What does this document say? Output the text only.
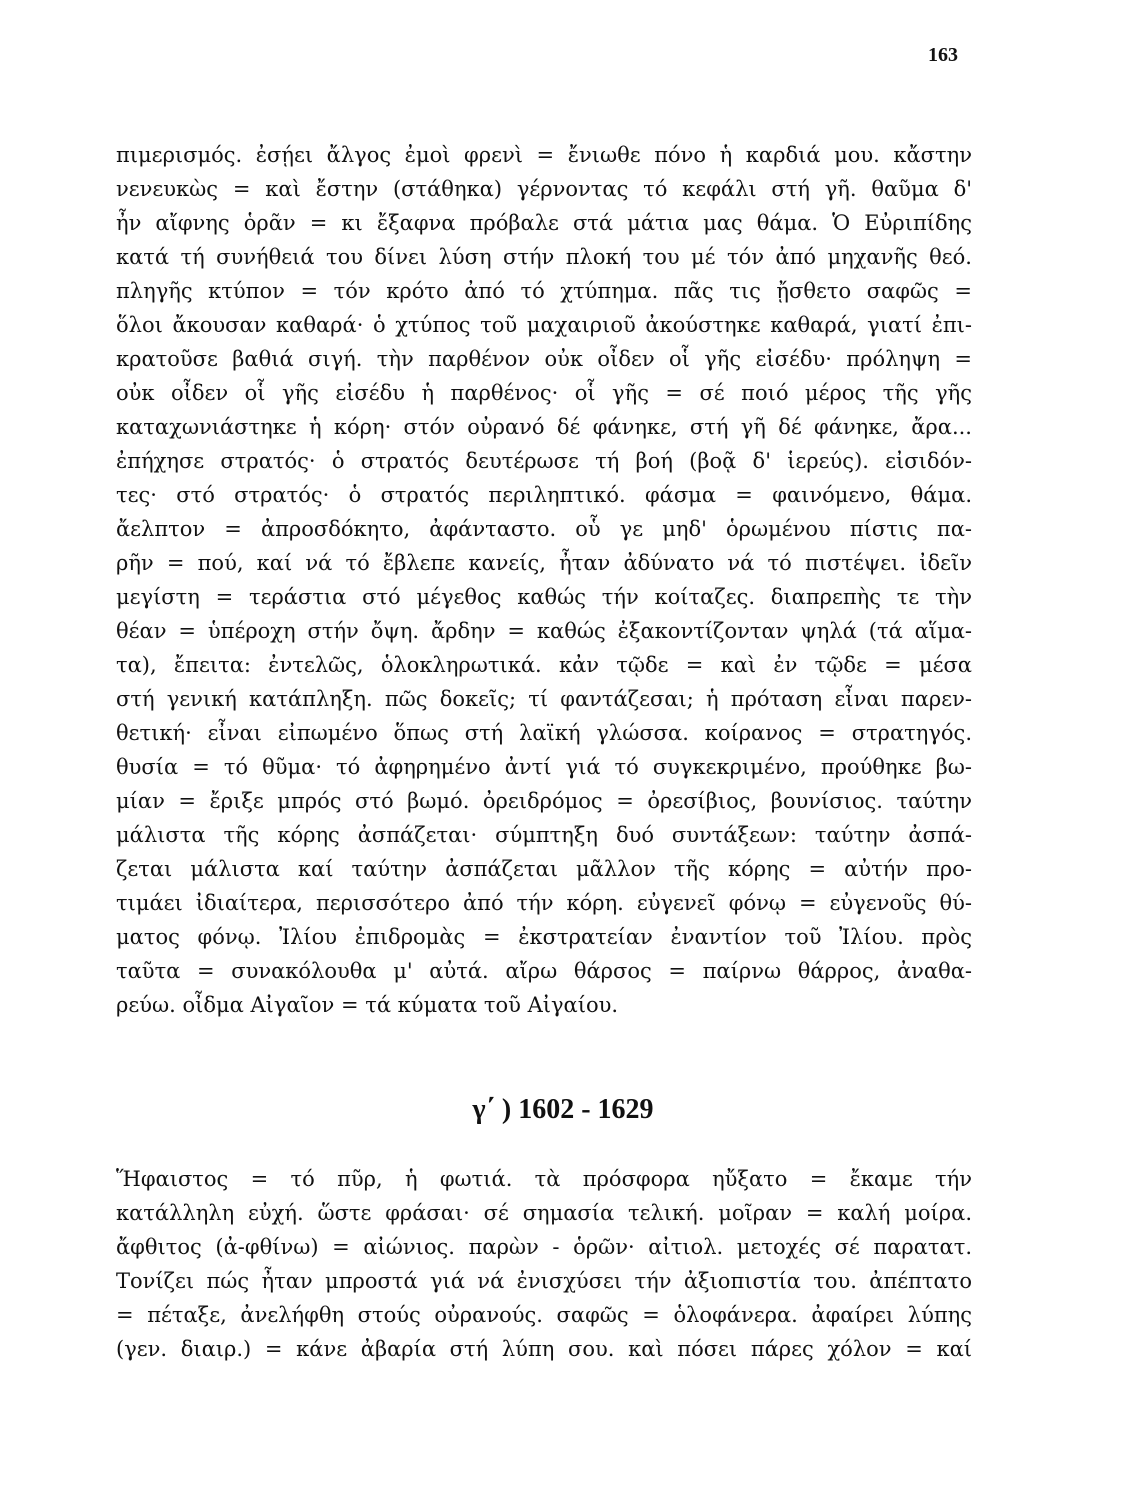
163
πιμερισμός. ἐσῄει ἄλγος ἐμοὶ φρενὶ = ἔνιωθε πόνο ἡ καρδιά μου. κἄστην
νενευκὼς = καὶ ἔστην (στάθηκα) γέρνοντας τό κεφάλι στή γῆ. θαῦμα δ'
ἦν αἴφνης ὁρᾶν = κι ἔξαφνα πρόβαλε στά μάτια μας θάμα. Ὁ Εὐριπίδης
κατά τή συνήθειά του δίνει λύση στήν πλοκή του μέ τόν ἀπό μηχανῆς θεό.
πληγῆς κτύπον = τόν κρότο ἀπό τό χτύπημα. πᾶς τις ᾔσθετο σαφῶς =
ὅλοι ἄκουσαν καθαρά· ὁ χτύπος τοῦ μαχαιριοῦ ἀκούστηκε καθαρά, γιατί ἐπι-
κρατοῦσε βαθιά σιγή. τὴν παρθένον οὐκ οἶδεν οἷ γῆς εἰσέδυ· πρόληψη =
οὐκ οἶδεν οἷ γῆς εἰσέδυ ἡ παρθένος· οἷ γῆς = σέ ποιό μέρος τῆς γῆς
καταχωνιάστηκε ἡ κόρη· στόν οὐρανό δέ φάνηκε, στή γῆ δέ φάνηκε, ἄρα...
ἐπήχησε στρατός· ὁ στρατός δευτέρωσε τή βοή (βοᾷ δ' ἱερεύς). εἰσιδόν-
τες· στό στρατός· ὁ στρατός περιληπτικό. φάσμα = φαινόμενο, θάμα.
ἄελπτον = ἀπροσδόκητο, ἀφάνταστο. οὗ γε μηδ' ὁρωμένου πίστις πα-
ρῆν = πού, καί νά τό ἔβλεπε κανείς, ἦταν ἀδύνατο νά τό πιστέψει. ἰδεῖν
μεγίστη = τεράστια στό μέγεθος καθώς τήν κοίταζες. διαπρεπὴς τε τὴν
θέαν = ὑπέροχη στήν ὄψη. ἄρδην = καθώς ἐξακοντίζονταν ψηλά (τά αἵμα-
τα), ἔπειτα: ἐντελῶς, ὁλοκληρωτικά. κἀν τῷδε = καὶ ἐν τῷδε = μέσα
στή γενική κατάπληξη. πῶς δοκεῖς; τί φαντάζεσαι; ἡ πρόταση εἶναι παρεν-
θετική· εἶναι εἰπωμένο ὅπως στή λαϊκή γλώσσα. κοίρανος = στρατηγός.
θυσία = τό θῦμα· τό ἀφηρημένο ἀντί γιά τό συγκεκριμένο, προύθηκε βω-
μίαν = ἔριξε μπρός στό βωμό. ὀρειδρόμος = ὀρεσίβιος, βουνίσιος. ταύτην
μάλιστα τῆς κόρης ἀσπάζεται· σύμπτηξη δυό συντάξεων: ταύτην ἀσπά-
ζεται μάλιστα καί ταύτην ἀσπάζεται μᾶλλον τῆς κόρης = αὐτήν προ-
τιμάει ἰδιαίτερα, περισσότερο ἀπό τήν κόρη. εὐγενεῖ φόνῳ = εὐγενοῦς θύ-
ματος φόνῳ. Ἰλίου ἐπιδρομὰς = ἐκστρατείαν ἐναντίον τοῦ Ἰλίου. πρὸς
ταῦτα = συνακόλουθα μ' αὐτά. αἴρω θάρσος = παίρνω θάρρος, ἀναθα-
ρεύω. οἶδμα Αἰγαῖον = τά κύματα τοῦ Αἰγαίου.
γ΄ ) 1602 - 1629
Ἥφαιστος = τό πῦρ, ἡ φωτιά. τὰ πρόσφορα ηὔξατο = ἔκαμε τήν
κατάλληλη εὐχή. ὥστε φράσαι· σέ σημασία τελική. μοῖραν = καλή μοίρα.
ἄφθιτος (ἀ-φθίνω) = αἰώνιος. παρὼν - ὁρῶν· αἰτιολ. μετοχές σέ παρατατ.
Τονίζει πώς ἦταν μπροστά γιά νά ἐνισχύσει τήν ἀξιοπιστία του. ἀπέπτατο
= πέταξε, ἀνελήφθη στούς οὐρανούς. σαφῶς = ὁλοφάνερα. ἀφαίρει λύπης
(γεν. διαιρ.) = κάνε ἀβαρία στή λύπη σου. καὶ πόσει πάρες χόλον = καί
